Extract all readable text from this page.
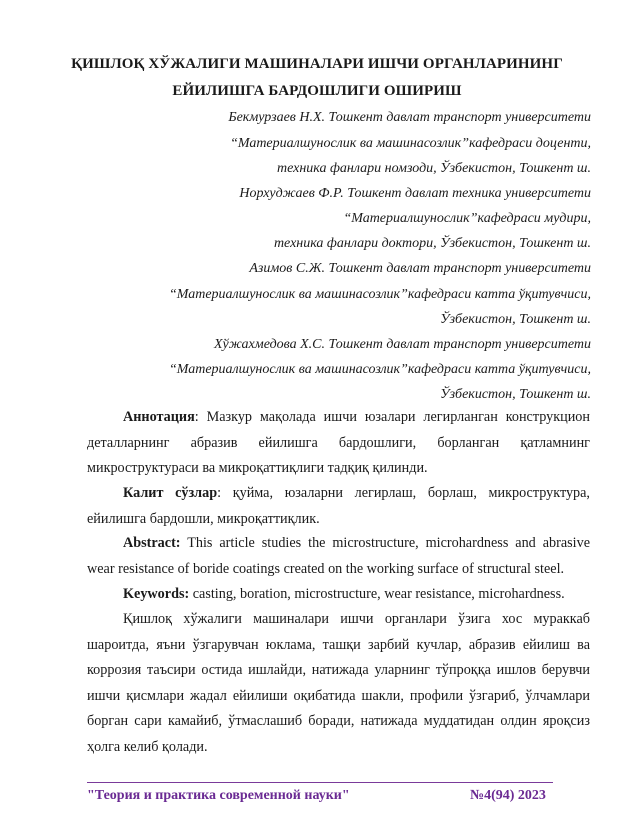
ҚИШЛОҚ ХЎЖАЛИГИ МАШИНАЛАРИ ИШЧИ ОРГАНЛАРИНИНГ
ЕЙИЛИШГА БАРДОШЛИГИ ОШИРИШ
Бекмурзаев Н.Х. Тошкент давлат транспорт университети
“Материалшунослик ва машинасозлик”кафедраси доценти,
техника фанлари номзоди, Ўзбекистон, Тошкент ш.
Норхуджаев Ф.Р. Тошкент давлат техника университети
“Материалшунослик”кафедраси мудири,
техника фанлари доктори, Ўзбекистон, Тошкент ш.
Азимов С.Ж. Тошкент давлат транспорт университети
“Материалшунослик ва машинасозлик”кафедраси катта ўқитувчиси,
Ўзбекистон, Тошкент ш.
Хўжахмедова Х.С. Тошкент давлат транспорт университети
“Материалшунослик ва машинасозлик”кафедраси катта ўқитувчиси,
Ўзбекистон, Тошкент ш.

Аннотация: Мазкур мақолада ишчи юзалари легирланган конструкцион деталларнинг абразив ейилишга бардошлиги, борланган қатламнинг микроструктураси ва микроқаттиқлиги тадқиқ қилинди.

Калит сўзлар: қуйма, юзаларни легирлаш, борлаш, микроструктура, ейилишга бардошли, микроқаттиқлик.

Abstract: This article studies the microstructure, microhardness and abrasive wear resistance of boride coatings created on the working surface of structural steel.

Keywords: casting, boration, microstructure, wear resistance, microhardness.

Қишлоқ хўжалиги машиналари ишчи органлари ўзига хос мураккаб шароитда, яъни ўзгарувчан юклама, ташқи зарбий кучлар, абразив ейилиш ва коррозия таъсири остида ишлайди, натижада уларнинг тўпроққа ишлов берувчи ишчи қисмлари жадал ейилиши оқибатида шакли, профили ўзгариб, ўлчамлари борган сари камайиб, ўтмаслашиб боради, натижада муддатидан олдин яроқсиз ҳолга келиб қолади.

"Теория и практика современной науки"	№4(94) 2023
